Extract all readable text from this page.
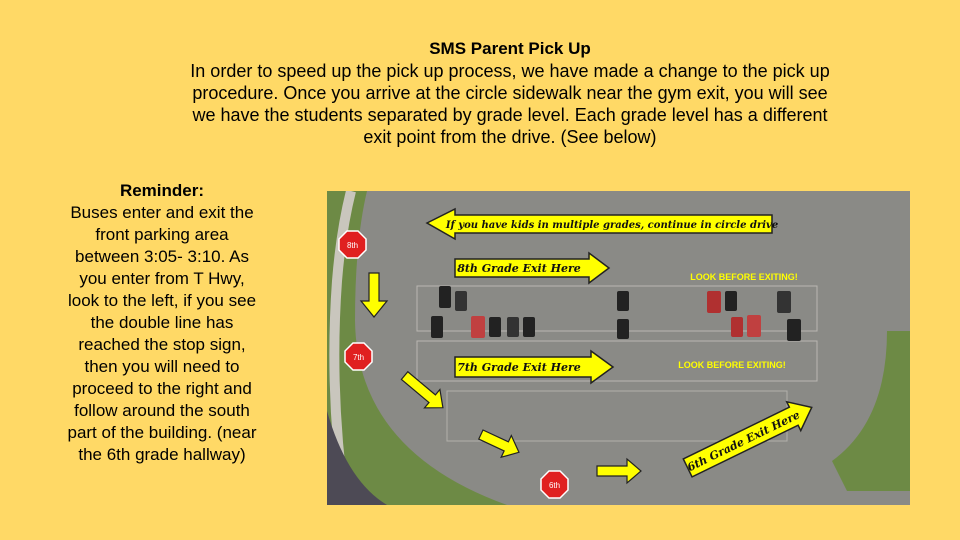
SMS Parent Pick Up
In order to speed up the pick up process, we have made a change to the pick up
procedure. Once you arrive at the circle sidewalk near the gym exit, you will see
we have the students separated by grade level. Each grade level has a different
exit point from the drive. (See below)
Reminder:
Buses enter and exit the
front parking area
between 3:05- 3:10. As
you enter from T Hwy,
look to the left, if you see
the double line has
reached the stop sign,
then you will need to
proceed to the right and
follow around the south
part of the building. (near
the 6th grade hallway)
If you have kids in multiple grades, continue in circle drive
8th Grade Exit Here
7th Grade Exit Here
6th Grade Exit Here
LOOK BEFORE EXITING!
LOOK BEFORE EXITING!
8th
7th
6th
